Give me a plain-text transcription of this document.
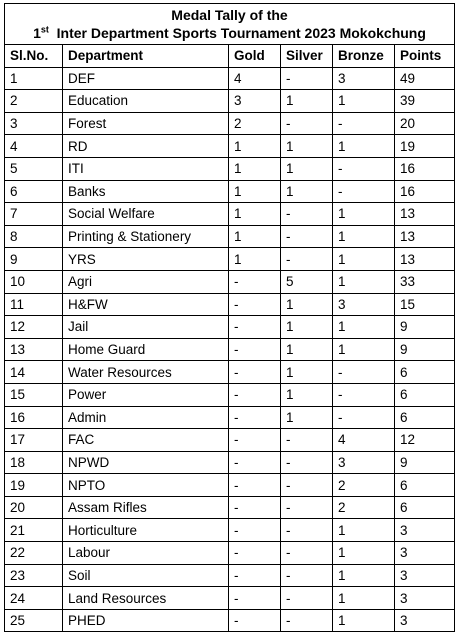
Medal Tally of the
1st  Inter Department Sports Tournament 2023 Mokokchung					

Sl.No.	Department	Gold	Silver	Bronze	Points
1	DEF	4	-	3	49
2	Education	3	1	1	39
3	Forest	2	-	-	20
4	RD	1	1	1	19
5	ITI	1	1	-	16
6	Banks	1	1	-	16
7	Social Welfare	1	-	1	13
8	Printing & Stationery	1	-	1	13
9	YRS	1	-	1	13
10	Agri	-	5	1	33
11	H&FW	-	1	3	15
12	Jail	-	1	1	9
13	Home Guard	-	1	1	9
14	Water Resources	-	1	-	6
15	Power	-	1	-	6
16	Admin	-	1	-	6
17	FAC	-	-	4	12
18	NPWD	-	-	3	9
19	NPTO	-	-	2	6
20	Assam Rifles	-	-	2	6
21	Horticulture	-	-	1	3
22	Labour	-	-	1	3
23	Soil	-	-	1	3
24	Land Resources	-	-	1	3
25	PHED	-	-	1	3
